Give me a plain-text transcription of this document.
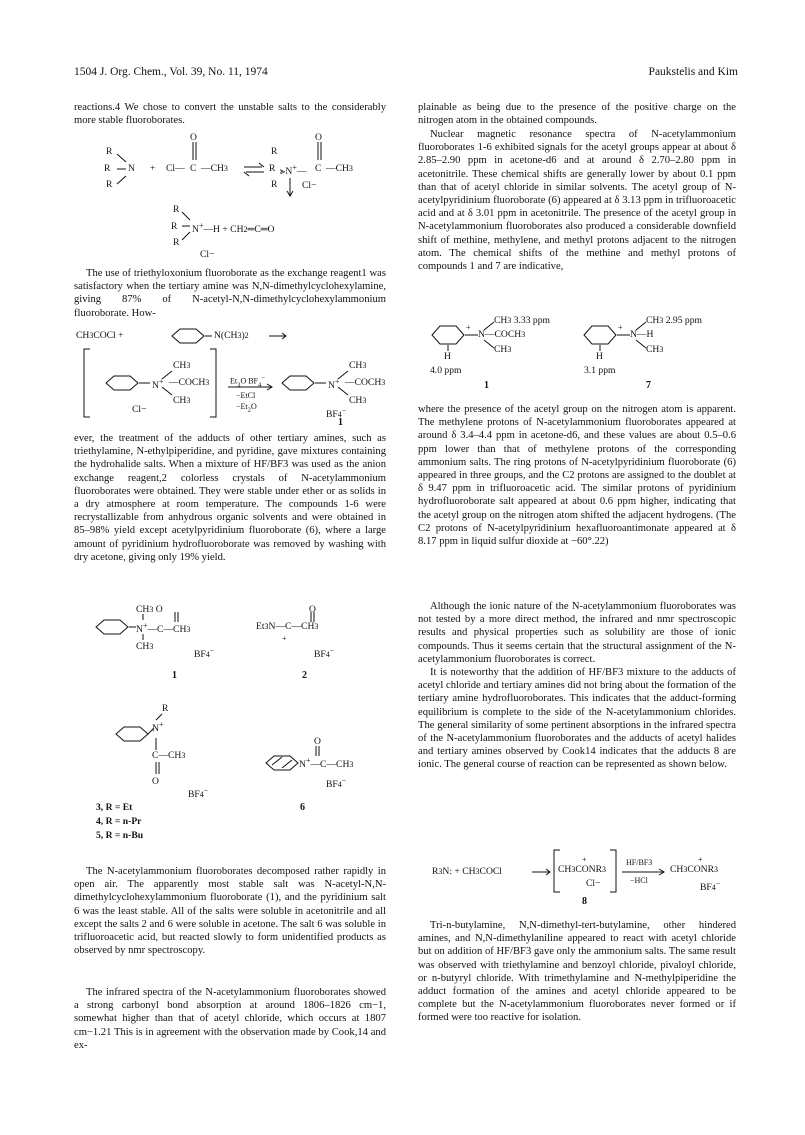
1504 J. Org. Chem., Vol. 39, No. 11, 1974	Paukstelis and Kim

reactions.4 We chose to convert the unstable salts to the considerably more stable fluoroborates.

R
R
R
N + Cl— C —CH3
O
R
R
R
⪢N+— C —CH3
O
Cl−
R
R
R
N+—H + CH2═C═O
Cl−

The use of triethyloxonium fluoroborate as the exchange reagent1 was satisfactory when the tertiary amine was N,N-dimethylcyclohexylamine, giving 87% of N-acetyl-N,N-dimethylcyclohexylammonium fluoroborate. How-

CH3COCl +	N(CH3)2
CH3
N+ —COCH3
CH3
Cl−
$Et_3O$ $BF_4^-$
−EtCl
$-Et_2O$
CH3
N+ —COCH3
CH3
BF4−
1

ever, the treatment of the adducts of other tertiary amines, such as triethylamine, N-ethylpiperidine, and pyridine, gave mixtures containing the hydrohalide salts. When a mixture of HF/BF3 was used as the anion exchange reagent,2 colorless crystals of N-acetylammonium fluoroborates were obtained. They were stable under ether or as solids in a dry atmosphere at room temperature. The compounds 1-6 were recrystallizable from anhydrous organic solvents and were obtained in 85–98% yield except acetylpyridinium fluoroborate (6), where a large amount of pyridinium hydrofluoroborate was removed by washing with dry acetone, giving only 19% yield.

CH3 O
N+—C—CH3
CH3
BF4−
1
O
Et3N—C—CH3
+
BF4−
2
R
N+
C—CH3
O
BF4−
O
N+—C—CH3
BF4−
6
3, R = Et
4, R = n-Pr
5, R = n-Bu

The N-acetylammonium fluoroborates decomposed rather rapidly in open air. The apparently most stable salt was N-acetyl-N,N-dimethylcyclohexylammonium fluoroborate (1), and the pyridinium salt 6 was the least stable. All of the salts were soluble in acetonitrile and all except the salts 2 and 6 were soluble in acetone. The salt 6 was soluble in trifluoroacetic acid, but reacted slowly to form unidentified products as observed by nmr spectroscopy.

The infrared spectra of the N-acetylammonium fluoroborates showed a strong carbonyl bond absorption at around 1806–1826 cm−1, somewhat higher than that of acetyl chloride, which occurs at 1807 cm−1.21 This is in agreement with the observation made by Cook,14 and ex-

plainable as being due to the presence of the positive charge on the nitrogen atom in the obtained compounds.

Nuclear magnetic resonance spectra of N-acetylammonium fluoroborates 1-6 exhibited signals for the acetyl groups appear at about δ 2.85–2.90 ppm in acetone-d6 and at around δ 2.70–2.80 ppm in acetonitrile. These chemical shifts are generally lower by about 0.1 ppm than that of acetyl chloride in similar solvents. The acetyl group of N-acetylpyridinium fluoroborate (6) appeared at δ 3.13 ppm in trifluoroacetic acid and at δ 3.01 ppm in acetonitrile. The presence of the acetyl group in N-acetylammonium fluoroborates also produced a considerable downfield shift of methine, methylene, and methyl protons adjacent to the nitrogen atom. The chemical shifts of the methine and methyl protons of compounds 1 and 7 are indicative,

+
CH3 3.33 ppm
N—COCH3
CH3
H
4.0 ppm
1
+
CH3 2.95 ppm
N—H
CH3
H
3.1 ppm
7

where the presence of the acetyl group on the nitrogen atom is apparent. The methylene protons of N-acetylammonium fluoroborates appeared at around δ 3.4–4.4 ppm in acetone-d6, and these values are about 0.5–0.6 ppm lower than that of methylene protons of the corresponding ammonium salts. The ring protons of N-acetylpyridinium fluoroborate (6) appeared in three groups, and the C2 protons are assigned to the doublet at δ 9.47 ppm in trifluoroacetic acid. The similar protons of pyridinium hydrofluoroborate salt appeared at about 0.6 ppm higher, indicating that the acetyl group on the nitrogen atom shifted the adjacent hydrogens. (The C2 protons of N-acetylpyridinium hexafluoroantimonate appeared at δ 8.17 ppm in liquid sulfur dioxide at −60°.22)

Although the ionic nature of the N-acetylammonium fluoroborates was not tested by a more direct method, the infrared and nmr spectroscopic results and physical properties such as solubility are those of ionic compounds. Thus it seems certain that the structural assignment of the N-acetylammonium fluoroborates is correct.

It is noteworthy that the addition of HF/BF3 mixture to the adducts of acetyl chloride and tertiary amines did not bring about the formation of the tertiary amine hydrofluoroborates. This indicates that the adduct-forming equilibrium is complete to the side of the N-acetylammonium chlorides. The general similarity of some pertinent absorptions in the infrared spectra of the N-acetylammonium fluoroborates and the adducts of acetyl halides and tertiary amines observed by Cook14 indicates that the adducts 8 are ionic. The general course of reaction can be represented as shown below.

R3N: + CH3COCl
+
CH3CONR3
Cl−
HF/BF3
−HCl
+
CH3CONR3
BF4−
8

Tri-n-butylamine, N,N-dimethyl-tert-butylamine, other hindered amines, and N,N-dimethylaniline appeared to react with acetyl chloride but on addition of HF/BF3 gave only the ammonium salts. The same result was observed with triethylamine and benzoyl chloride, pivaloyl chloride, or n-butyryl chloride. With trimethylamine and N-methylpiperidine the adduct formation of the amines and acetyl chloride appeared to be complete but the N-acetylammonium fluoroborates never formed or if formed were too reactive for isolation.
